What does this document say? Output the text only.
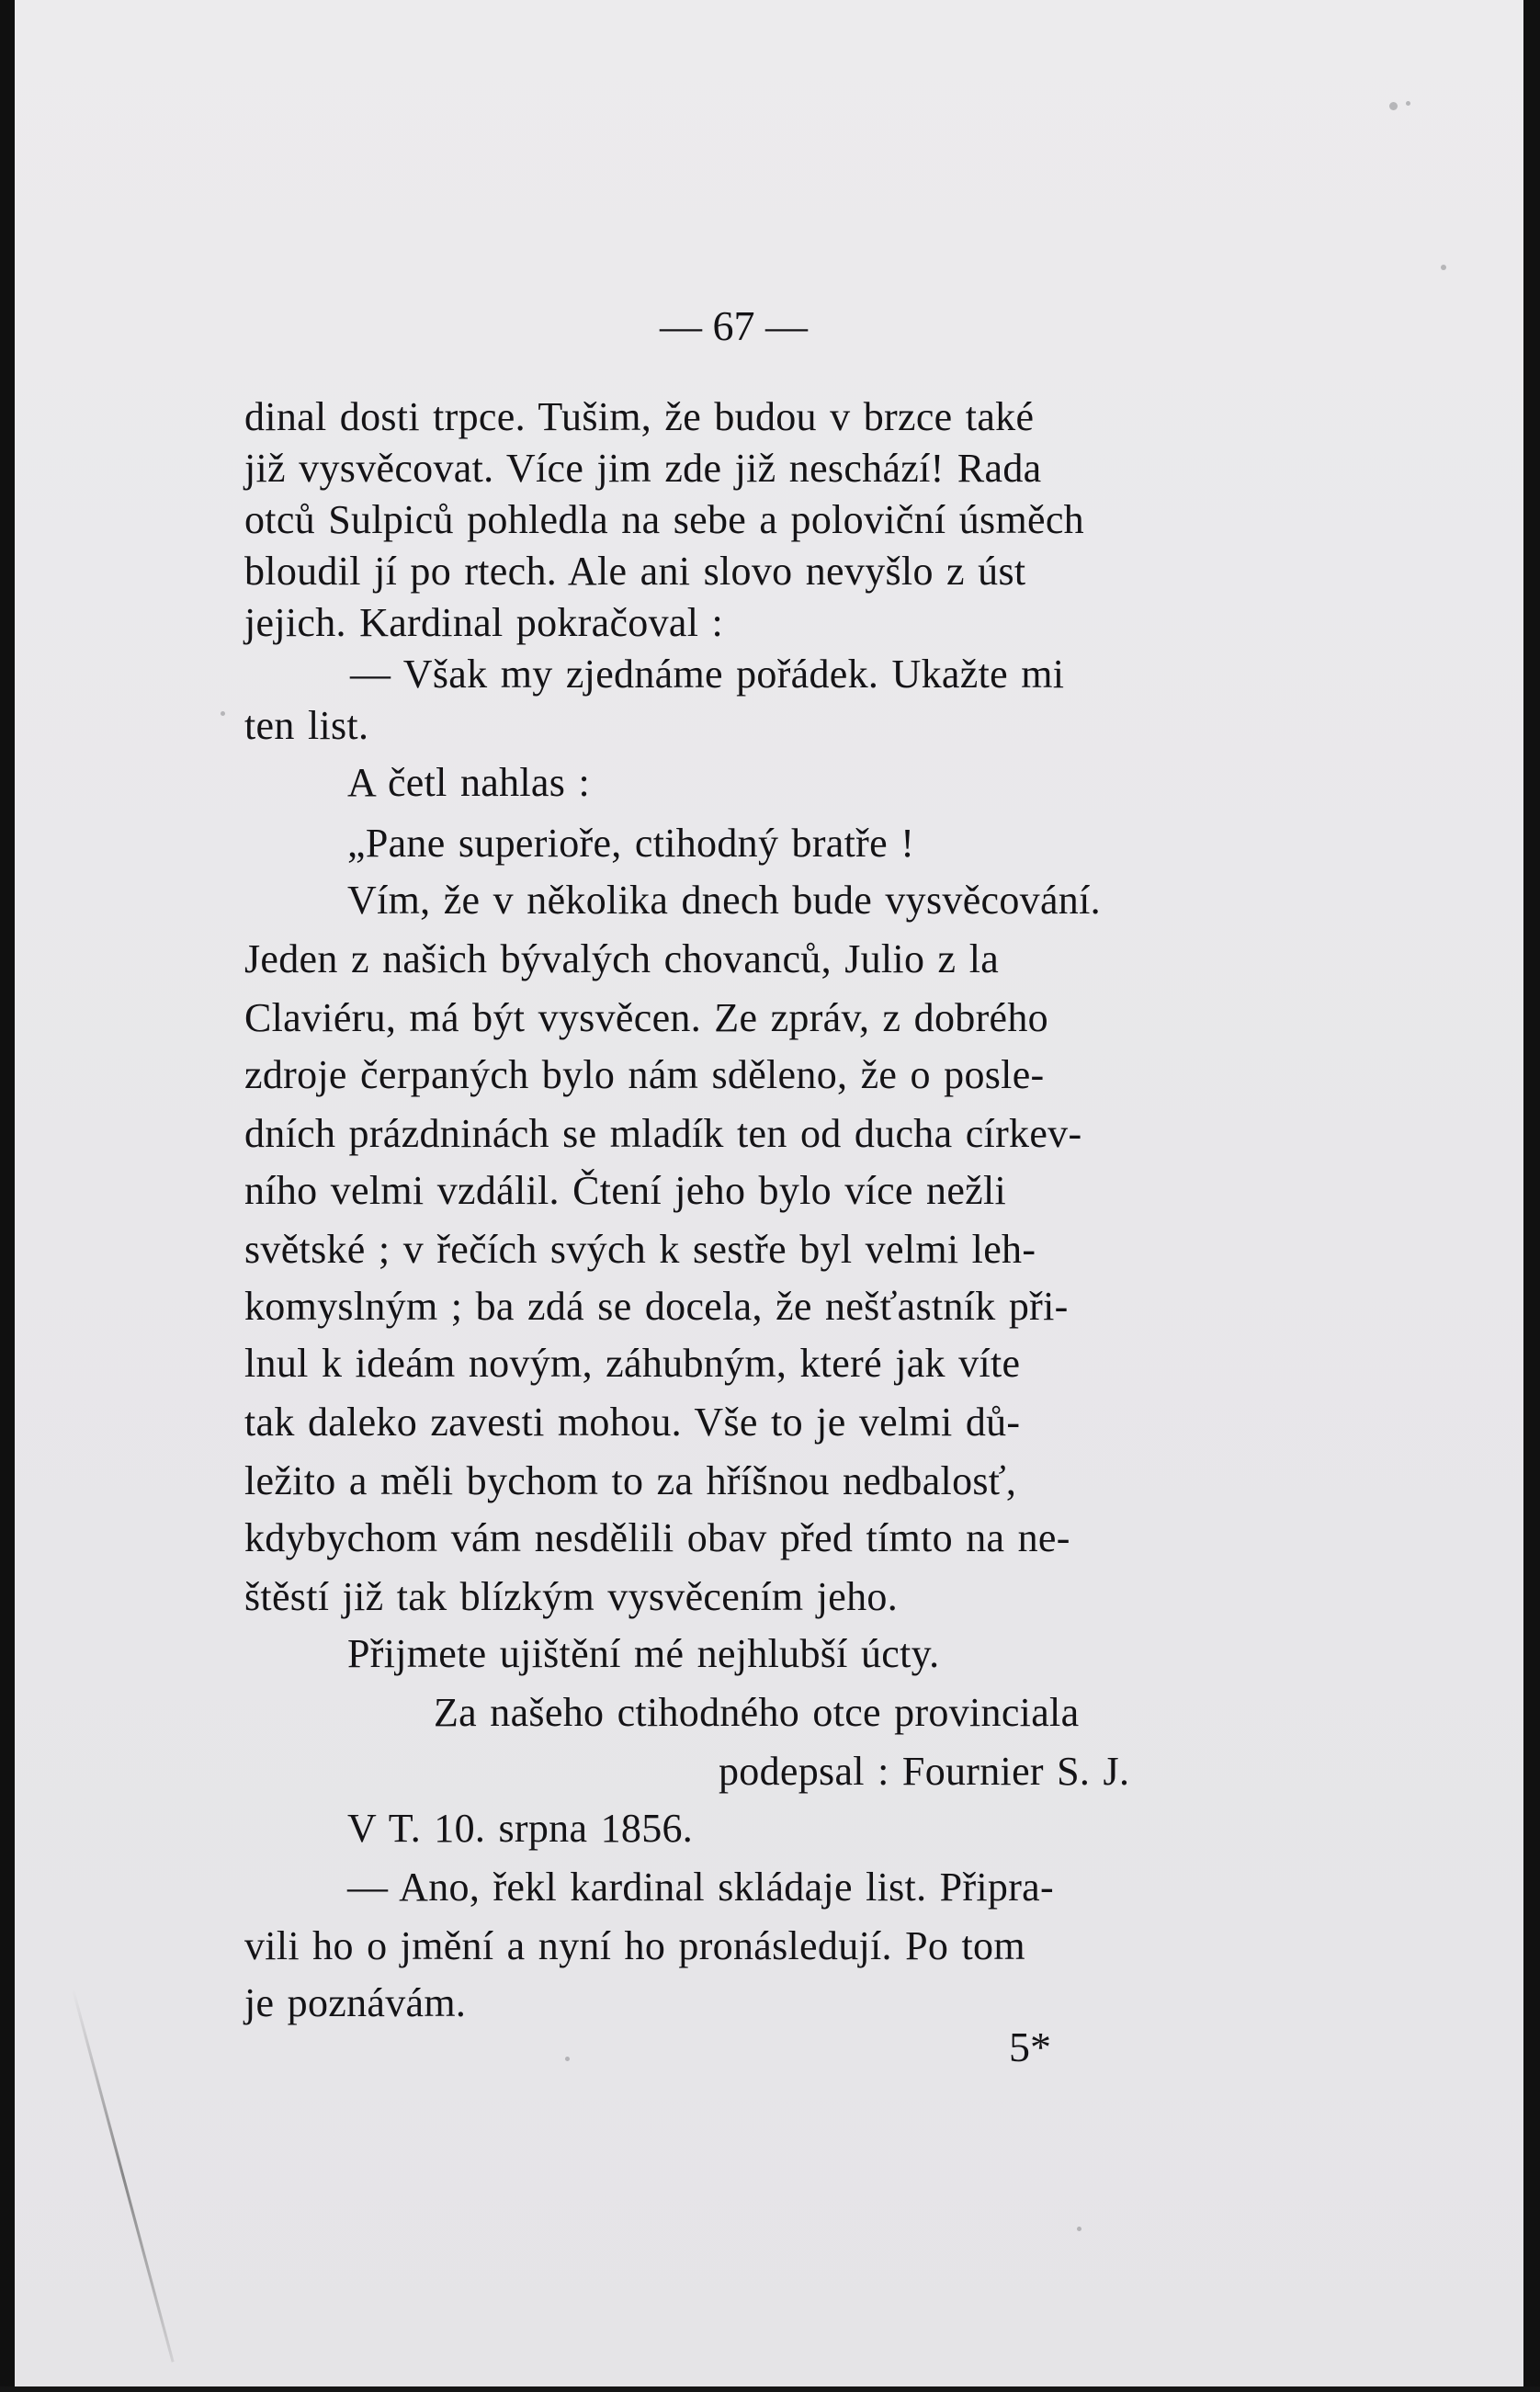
— 67 —
dinal dosti trpce. Tušim, že budou v brzce také
již vysvěcovat. Více jim zde již neschází! Rada
otců Sulpiců pohledla na sebe a poloviční úsměch
bloudil jí po rtech. Ale ani slovo nevyšlo z úst
jejich. Kardinal pokračoval :
— Však my zjednáme pořádek. Ukažte mi
ten list.
A četl nahlas :
„Pane superioře, ctihodný bratře !
Vím, že v několika dnech bude vysvěcování.
Jeden z našich bývalých chovanců, Julio z la
Claviéru, má být vysvěcen. Ze zpráv, z dobrého
zdroje čerpaných bylo nám sděleno, že o posle-
dních prázdninách se mladík ten od ducha církev-
ního velmi vzdálil. Čtení jeho bylo více nežli
světské ; v řečích svých k sestře byl velmi leh-
komyslným ; ba zdá se docela, že nešťastník při-
lnul k ideám novým, záhubným, které jak víte
tak daleko zavesti mohou. Vše to je velmi dů-
ležito a měli bychom to za hříšnou nedbalosť,
kdybychom vám nesdělili obav před tímto na ne-
štěstí již tak blízkým vysvěcením jeho.
Přijmete ujištění mé nejhlubší úcty.
Za našeho ctihodného otce provinciala
podepsal : Fournier S. J.
V T. 10. srpna 1856.
— Ano, řekl kardinal skládaje list. Připra-
vili ho o jmění a nyní ho pronásledují. Po tom
je poznávám.
5*
